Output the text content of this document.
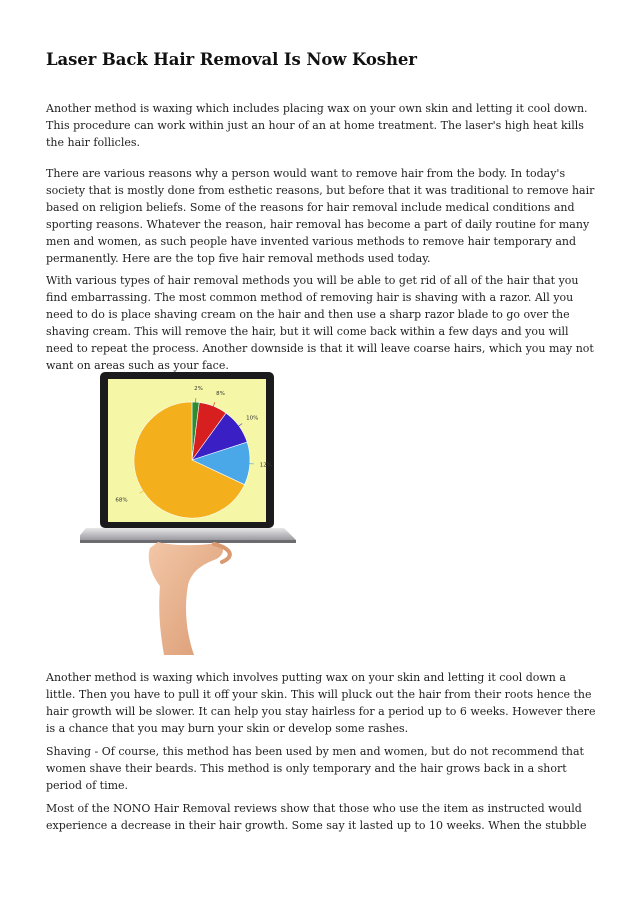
Laser Back Hair Removal Is Now Kosher

Another method is waxing which includes placing wax on your own skin and letting it cool down. This procedure can work within just an hour of an at home treatment. The laser's high heat kills the hair follicles.

There are various reasons why a person would want to remove hair from the body. In today's society that is mostly done from esthetic reasons, but before that it was traditional to remove hair based on religion beliefs. Some of the reasons for hair removal include medical conditions and sporting reasons. Whatever the reason, hair removal has become a part of daily routine for many men and women, as such people have invented various methods to remove hair temporary and permanently. Here are the top five hair removal methods used today.

With various types of hair removal methods you will be able to get rid of all of the hair that you find embarrassing. The most common method of removing hair is shaving with a razor. All you need to do is place shaving cream on the hair and then use a sharp razor blade to go over the shaving cream. This will remove the hair, but it will come back within a few days and you will need to repeat the process. Another downside is that it will leave coarse hairs, which you may not want on areas such as your face.

2%
8%
10%
12%
68%

Another method is waxing which involves putting wax on your skin and letting it cool down a little. Then you have to pull it off your skin. This will pluck out the hair from their roots hence the hair growth will be slower. It can help you stay hairless for a period up to 6 weeks. However there is a chance that you may burn your skin or develop some rashes.

Shaving - Of course, this method has been used by men and women, but do not recommend that women shave their beards. This method is only temporary and the hair grows back in a short period of time.

Most of the NONO Hair Removal reviews show that those who use the item as instructed would experience a decrease in their hair growth. Some say it lasted up to 10 weeks. When the stubble
